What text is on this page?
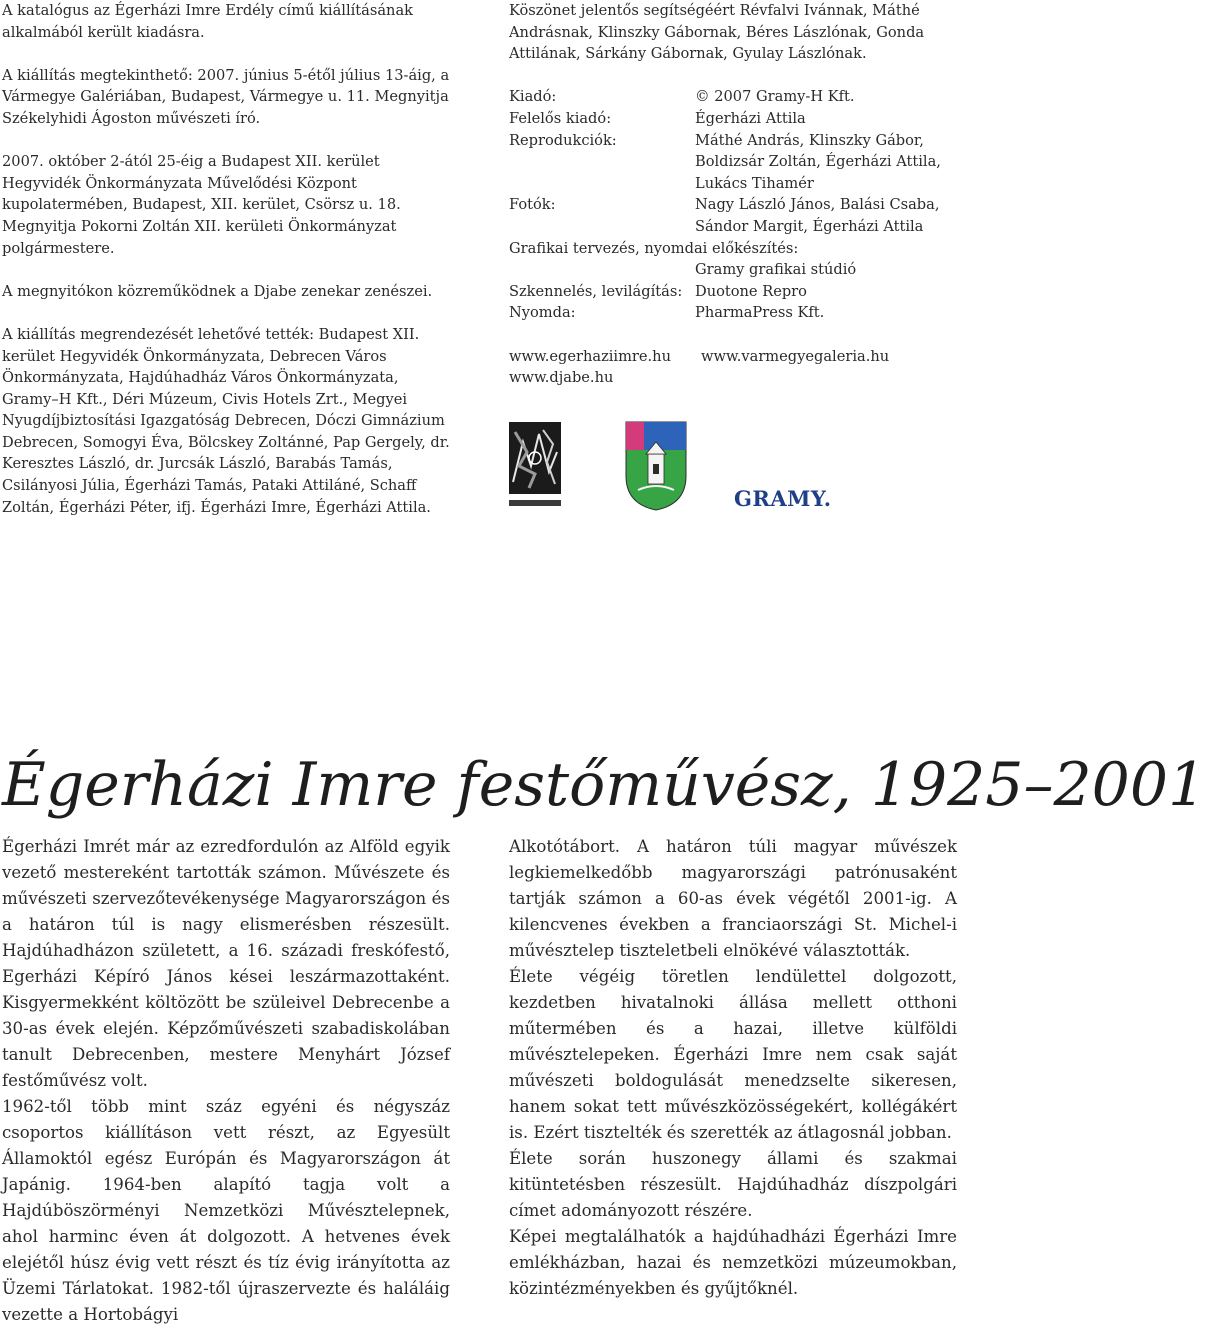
A katalógus az Égerházi Imre Erdély című kiállításának alkalmából került kiadásra.

A kiállítás megtekinthető: 2007. június 5-étől július 13-áig, a Vármegye Galériában, Budapest, Vármegye u. 11. Megnyitja Székelyhidi Ágoston művészeti író.

2007. október 2-ától 25-éig a Budapest XII. kerület Hegyvidék Önkormányzata Művelődési Központ kupolatermében, Budapest, XII. kerület, Csörsz u. 18. Megnyitja Pokorni Zoltán XII. kerületi Önkormányzat polgármestere.

A megnyitókon közreműködnek a Djabe zenekar zenészei.

A kiállítás megrendezését lehetővé tették: Budapest XII. kerület Hegyvidék Önkormányzata, Debrecen Város Önkormányzata, Hajdúhadház Város Önkormányzata, Gramy–H Kft., Déri Múzeum, Civis Hotels Zrt., Megyei Nyugdíjbiztosítási Igazgatóság Debrecen, Dóczi Gimnázium Debrecen, Somogyi Éva, Bölcskey Zoltánné, Pap Gergely, dr. Keresztes László, dr. Jurcsák László, Barabás Tamás, Csilányosi Júlia, Égerházi Tamás, Pataki Attiláné, Schaff Zoltán, Égerházi Péter, ifj. Égerházi Imre, Égerházi Attila.

Köszönet jelentős segítségéért Révfalvi Ivánnak, Máthé Andrásnak, Klinszky Gábornak, Béres Lászlónak, Gonda Attilának, Sárkány Gábornak, Gyulay Lászlónak.

Kiadó:	© 2007 Gramy-H Kft.
Felelős kiadó:	Égerházi Attila
Reprodukciók:	Máthé András, Klinszky Gábor, Boldizsár Zoltán, Égerházi Attila, Lukács Tihamér
Fotók:	Nagy László János, Balási Csaba, Sándor Margit, Égerházi Attila
Grafikai tervezés, nyomdai előkészítés:
Gramy grafikai stúdió
Szkennelés, levilágítás: Duotone Repro
Nyomda:	PharmaPress Kft.
www.egerhaziimre.hu	www.varmegyegaleria.hu
www.djabe.hu
GRAMY.
Égerházi Imre festőművész, 1925–2001

Égerházi Imrét már az ezredfordulón az Alföld egyik vezető mestereként tartották számon. Művészete és művészeti szervezőtevékenysége Magyarországon és a határon túl is nagy elismerésben részesült. Hajdúhadházon született, a 16. századi freskófestő, Egerházi Képíró János kései leszármazottaként. Kisgyermekként költözött be szüleivel Debrecenbe a 30-as évek elején. Képzőművészeti szabadiskolában tanult Debrecenben, mestere Menyhárt József festőművész volt.

1962-től több mint száz egyéni és négyszáz csoportos kiállításon vett részt, az Egyesült Államoktól egész Európán és Magyarországon át Japánig. 1964-ben alapító tagja volt a Hajdúböszörményi Nemzetközi Művésztelepnek, ahol harminc éven át dolgozott. A hetvenes évek elejétől húsz évig vett részt és tíz évig irányította az Üzemi Tárlatokat. 1982-től újraszervezte és haláláig vezette a Hortobágyi

Alkotótábort. A határon túli magyar művészek legkiemelkedőbb magyarországi patrónusaként tartják számon a 60-as évek végétől 2001-ig. A kilencvenes években a franciaországi St. Michel-i művésztelep tiszteletbeli elnökévé választották.

Élete végéig töretlen lendülettel dolgozott, kezdetben hivatalnoki állása mellett otthoni műtermében és a hazai, illetve külföldi művésztelepeken. Égerházi Imre nem csak saját művészeti boldogulását menedzselte sikeresen, hanem sokat tett művészközösségekért, kollégákért is. Ezért tisztelték és szerették az átlagosnál jobban.

Élete során huszonegy állami és szakmai kitüntetésben részesült. Hajdúhadház díszpolgári címet adományozott részére.

Képei megtalálhatók a hajdúhadházi Égerházi Imre emlékházban, hazai és nemzetközi múzeumokban, közintézményekben és gyűjtőknél.
